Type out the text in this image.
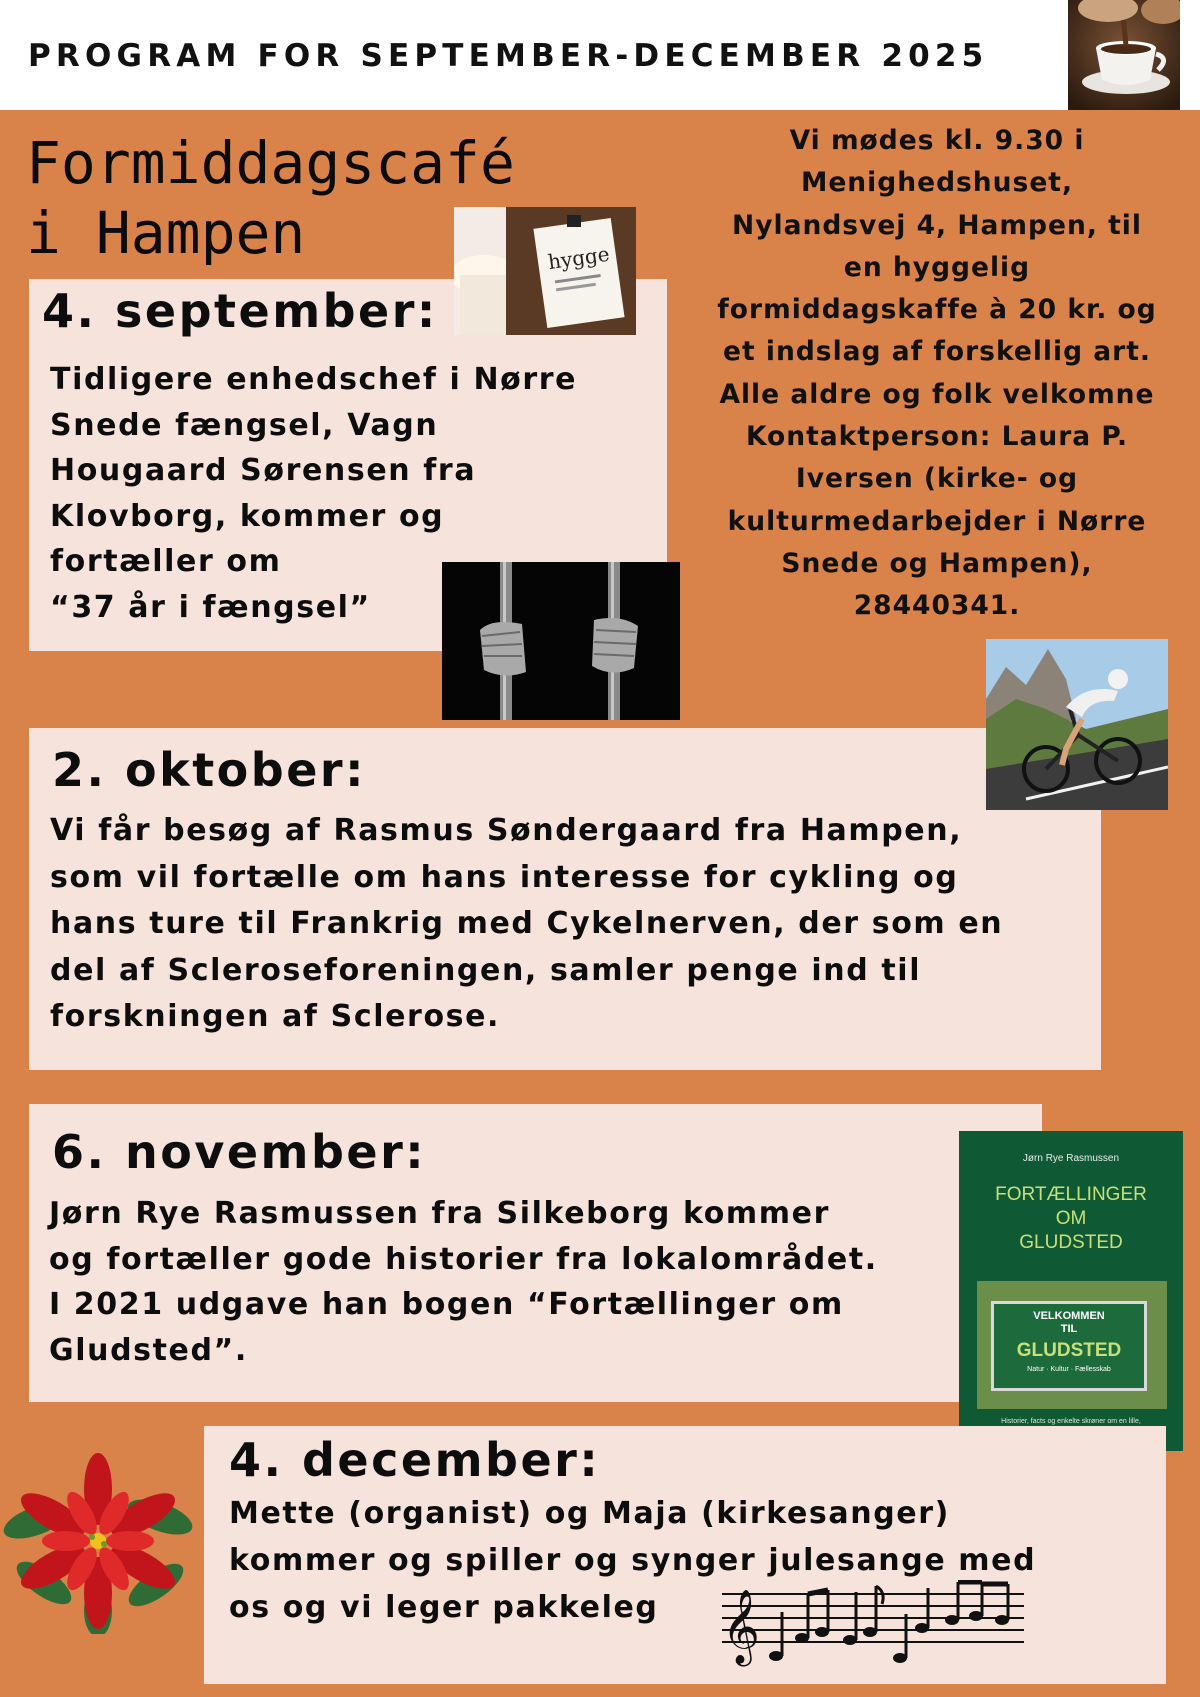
PROGRAM FOR SEPTEMBER-DECEMBER 2025
Formiddagscafé
i Hampen
Vi mødes kl. 9.30 i
Menighedshuset,
Nylandsvej 4, Hampen, til
en hyggelig
formiddagskaffe à 20 kr. og
et indslag af forskellig art.
Alle aldre og folk velkomne
Kontaktperson: Laura P.
Iversen (kirke- og
kulturmedarbejder i Nørre
Snede og Hampen),
28440341.
4. september:
Tidligere enhedschef i Nørre
Snede fængsel, Vagn
Hougaard Sørensen fra
Klovborg, kommer og
fortæller om
“37 år i fængsel”
hygge
2. oktober:
Vi får besøg af Rasmus Søndergaard fra Hampen,
som vil fortælle om hans interesse for cykling og
hans ture til Frankrig med Cykelnerven, der som en
del af Scleroseforeningen, samler penge ind til
forskningen af Sclerose.
6. november:
Jørn Rye Rasmussen fra Silkeborg kommer
og fortæller gode historier fra lokalområdet.
I 2021 udgave han bogen “Fortællinger om
Gludsted”.
Jørn Rye Rasmussen
FORTÆLLINGER
OM
GLUDSTED
VELKOMMEN
TIL
GLUDSTED
Natur · Kultur · Fællesskab
Historier, facts og enkelte skrøner om en lille,

4. december:
Mette (organist) og Maja (kirkesanger)
kommer og spiller og synger julesange med
os og vi leger pakkeleg 𝄞
